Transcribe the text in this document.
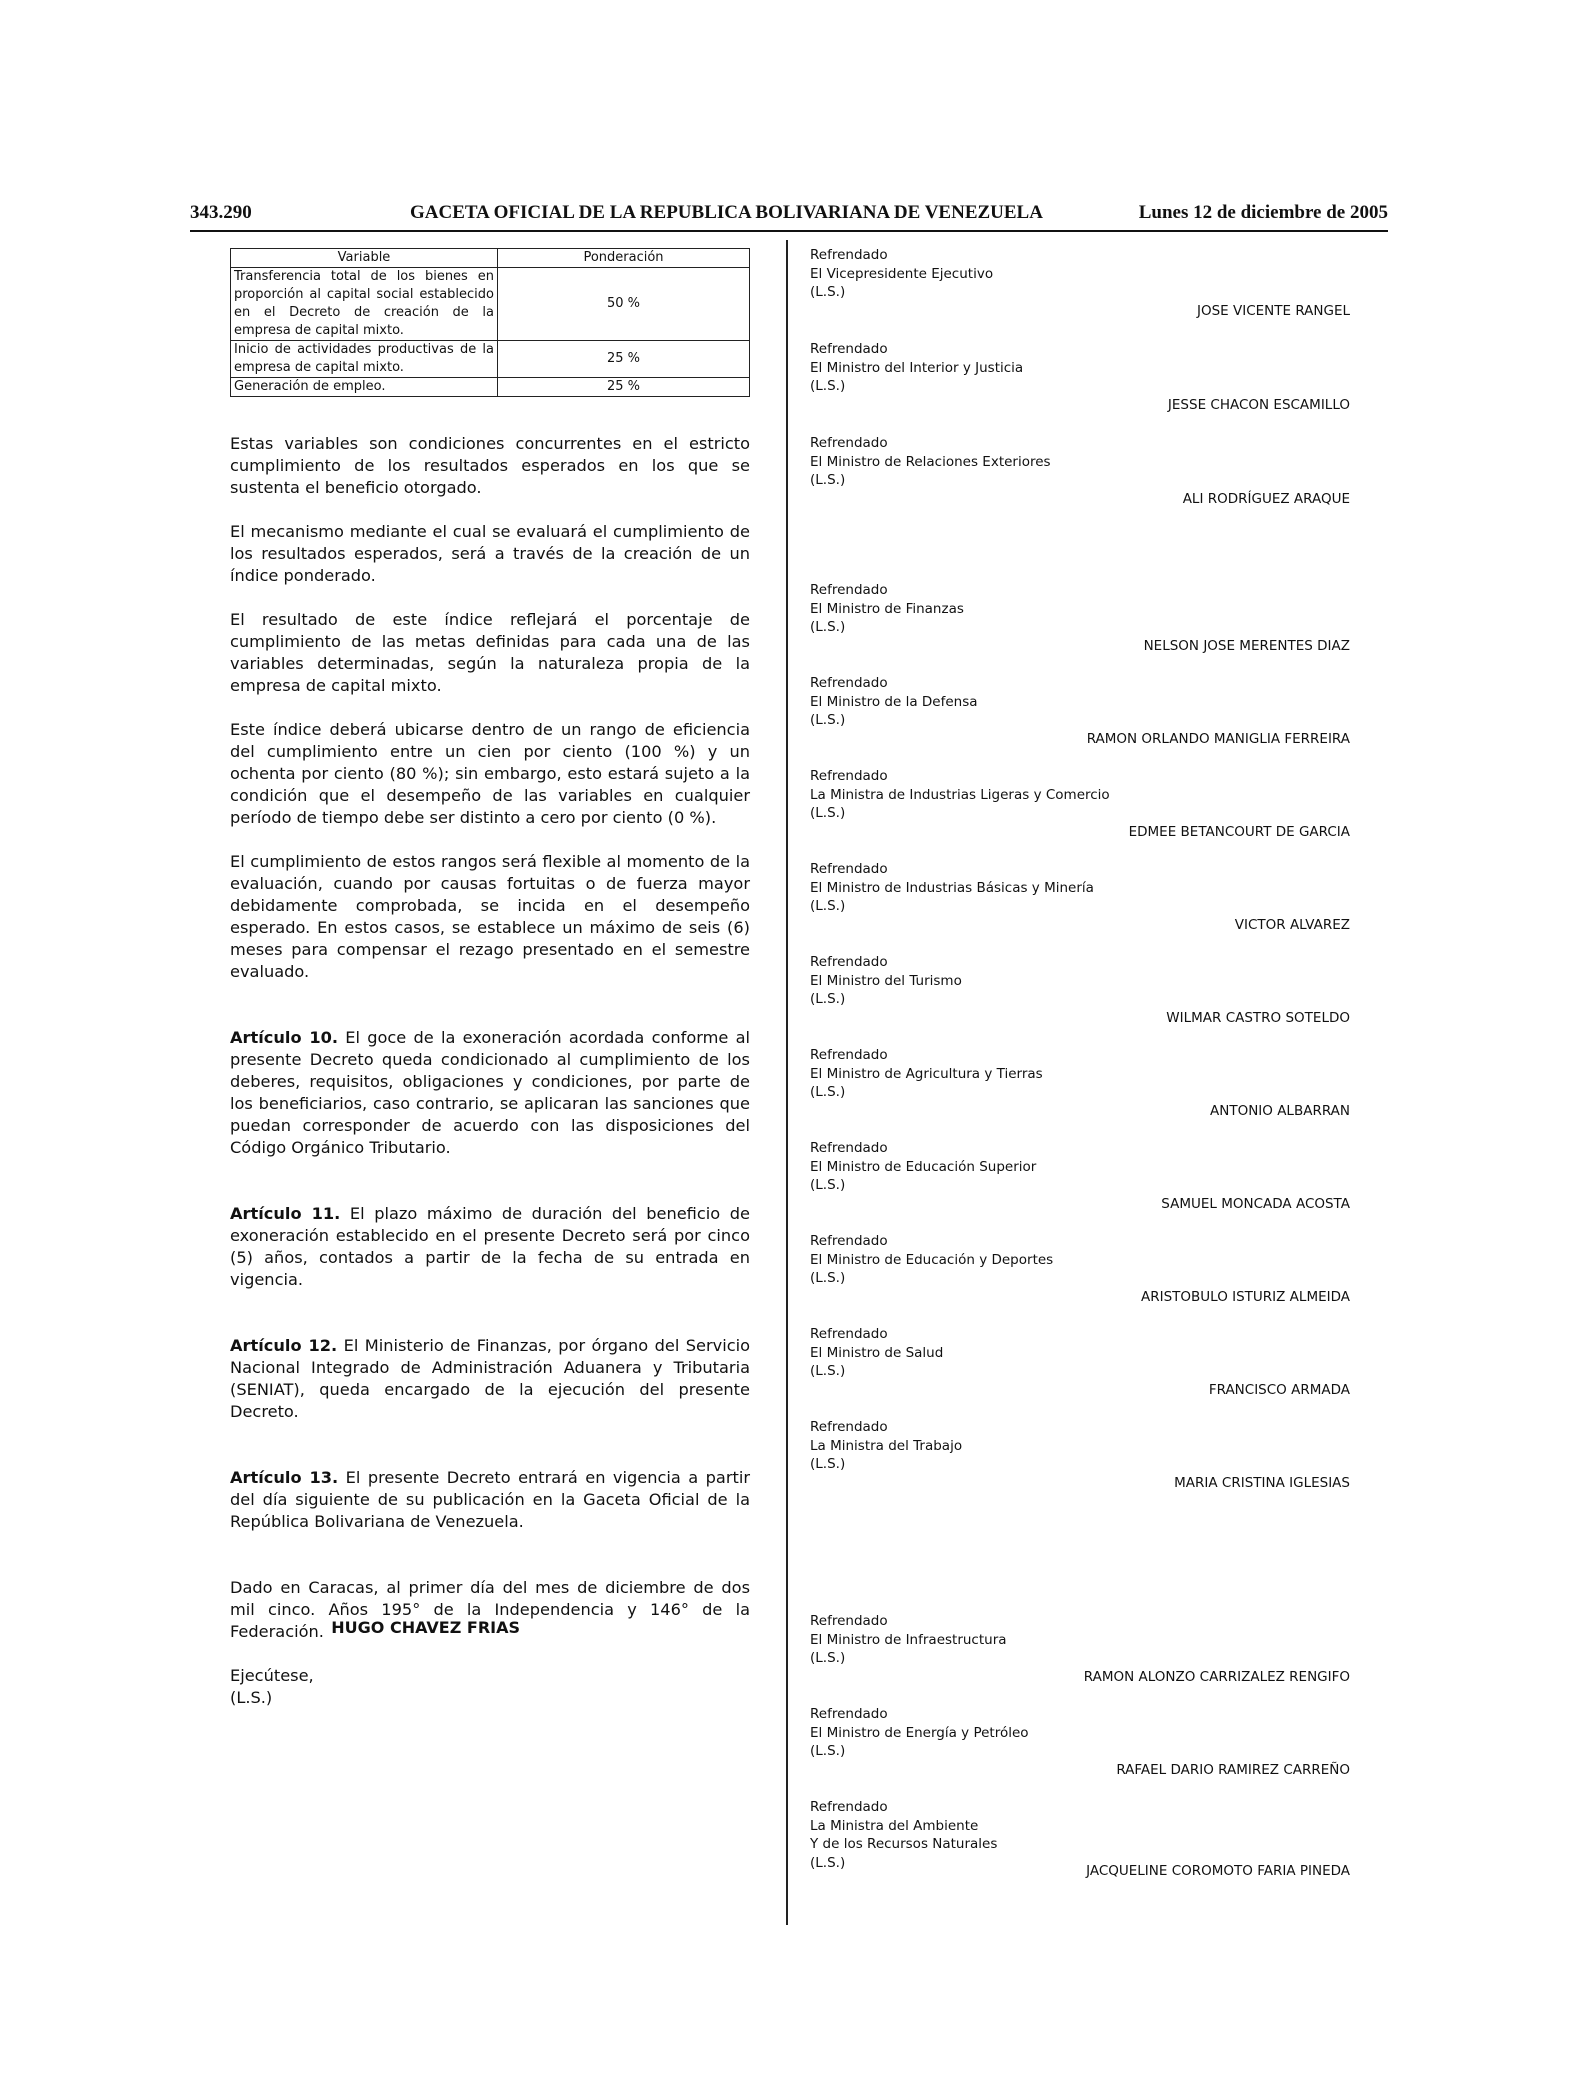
343.290	GACETA OFICIAL DE LA REPUBLICA BOLIVARIANA DE VENEZUELA	Lunes 12 de diciembre de 2005
Variable	Ponderación
Transferencia total de los bienes en proporción al capital social establecido en el Decreto de creación de la empresa de capital mixto.	50 %
Inicio de actividades productivas de la empresa de capital mixto.	25 %
Generación de empleo.	25 %

Estas variables son condiciones concurrentes en el estricto cumplimiento de los resultados esperados en los que se sustenta el beneficio otorgado.

El mecanismo mediante el cual se evaluará el cumplimiento de los resultados esperados, será a través de la creación de un índice ponderado.

El resultado de este índice reflejará el porcentaje de cumplimiento de las metas definidas para cada una de las variables determinadas, según la naturaleza propia de la empresa de capital mixto.

Este índice deberá ubicarse dentro de un rango de eficiencia del cumplimiento entre un cien por ciento (100 %) y un ochenta por ciento (80 %); sin embargo, esto estará sujeto a la condición que el desempeño de las variables en cualquier período de tiempo debe ser distinto a cero por ciento (0 %).

El cumplimiento de estos rangos será flexible al momento de la evaluación, cuando por causas fortuitas o de fuerza mayor debidamente comprobada, se incida en el desempeño esperado. En estos casos, se establece un máximo de seis (6) meses para compensar el rezago presentado en el semestre evaluado.

Artículo 10. El goce de la exoneración acordada conforme al presente Decreto queda condicionado al cumplimiento de los deberes, requisitos, obligaciones y condiciones, por parte de los beneficiarios, caso contrario, se aplicaran las sanciones que puedan corresponder de acuerdo con las disposiciones del Código Orgánico Tributario.

Artículo 11. El plazo máximo de duración del beneficio de exoneración establecido en el presente Decreto será por cinco (5) años, contados a partir de la fecha de su entrada en vigencia.

Artículo 12. El Ministerio de Finanzas, por órgano del Servicio Nacional Integrado de Administración Aduanera y Tributaria (SENIAT), queda encargado de la ejecución del presente Decreto.

Artículo 13. El presente Decreto entrará en vigencia a partir del día siguiente de su publicación en la Gaceta Oficial de la República Bolivariana de Venezuela.

Dado en Caracas, al primer día del mes de diciembre de dos mil cinco. Años 195° de la Independencia y 146° de la Federación.

Ejecútese,

(L.S.)

HUGO CHAVEZ FRIAS
Refrendado
El Vicepresidente Ejecutivo
(L.S.)
JOSE VICENTE RANGEL
Refrendado
El Ministro del Interior y Justicia
(L.S.)
JESSE CHACON ESCAMILLO
Refrendado
El Ministro de Relaciones Exteriores
(L.S.)
ALI RODRÍGUEZ ARAQUE
Refrendado
El Ministro de Finanzas
(L.S.)
NELSON JOSE MERENTES DIAZ
Refrendado
El Ministro de la Defensa
(L.S.)
RAMON ORLANDO MANIGLIA FERREIRA
Refrendado
La Ministra de Industrias Ligeras y Comercio
(L.S.)
EDMEE BETANCOURT DE GARCIA
Refrendado
El Ministro de Industrias Básicas y Minería
(L.S.)
VICTOR ALVAREZ
Refrendado
El Ministro del Turismo
(L.S.)
WILMAR CASTRO SOTELDO
Refrendado
El Ministro de Agricultura y Tierras
(L.S.)
ANTONIO ALBARRAN
Refrendado
El Ministro de Educación Superior
(L.S.)
SAMUEL MONCADA ACOSTA
Refrendado
El Ministro de Educación y Deportes
(L.S.)
ARISTOBULO ISTURIZ ALMEIDA
Refrendado
El Ministro de Salud
(L.S.)
FRANCISCO ARMADA
Refrendado
La Ministra del Trabajo
(L.S.)
MARIA CRISTINA IGLESIAS
Refrendado
El Ministro de Infraestructura
(L.S.)
RAMON ALONZO CARRIZALEZ RENGIFO
Refrendado
El Ministro de Energía y Petróleo
(L.S.)
RAFAEL DARIO RAMIREZ CARREÑO
Refrendado
La Ministra del Ambiente
Y de los Recursos Naturales
(L.S.)
JACQUELINE COROMOTO FARIA PINEDA
